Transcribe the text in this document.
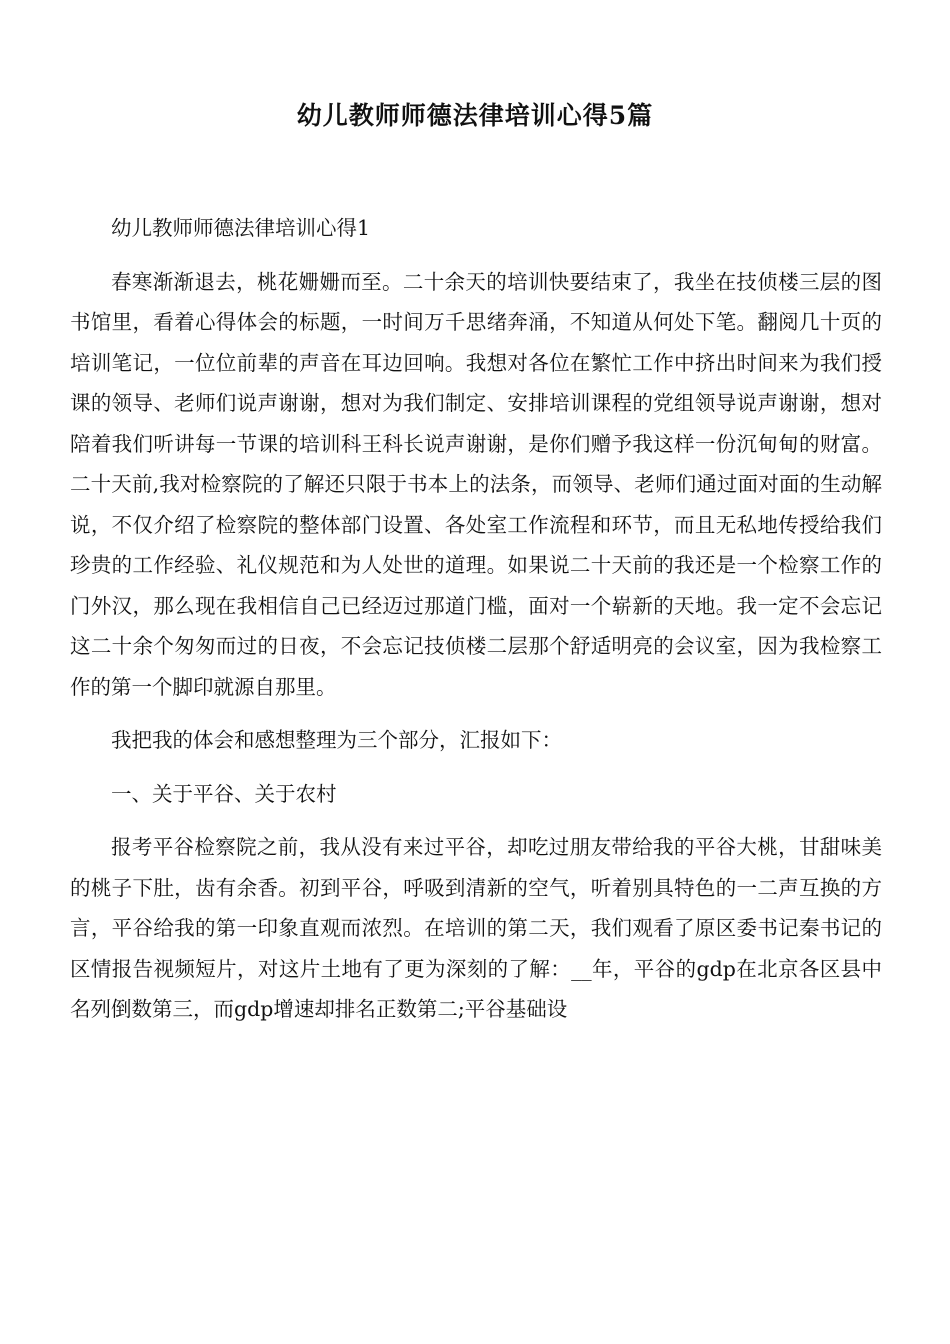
幼儿教师师德法律培训心得5篇

幼儿教师师德法律培训心得1

春寒渐渐退去，桃花姗姗而至。二十余天的培训快要结束了，我坐在技侦楼三层的图书馆里，看着心得体会的标题，一时间万千思绪奔涌，不知道从何处下笔。翻阅几十页的培训笔记，一位位前辈的声音在耳边回响。我想对各位在繁忙工作中挤出时间来为我们授课的领导、老师们说声谢谢，想对为我们制定、安排培训课程的党组领导说声谢谢，想对陪着我们听讲每一节课的培训科王科长说声谢谢，是你们赠予我这样一份沉甸甸的财富。二十天前,我对检察院的了解还只限于书本上的法条，而领导、老师们通过面对面的生动解说，不仅介绍了检察院的整体部门设置、各处室工作流程和环节，而且无私地传授给我们珍贵的工作经验、礼仪规范和为人处世的道理。如果说二十天前的我还是一个检察工作的门外汉，那么现在我相信自己已经迈过那道门槛，面对一个崭新的天地。我一定不会忘记这二十余个匆匆而过的日夜，不会忘记技侦楼二层那个舒适明亮的会议室，因为我检察工作的第一个脚印就源自那里。

我把我的体会和感想整理为三个部分，汇报如下：

一、关于平谷、关于农村

报考平谷检察院之前，我从没有来过平谷，却吃过朋友带给我的平谷大桃，甘甜味美的桃子下肚，齿有余香。初到平谷，呼吸到清新的空气，听着别具特色的一二声互换的方言，平谷给我的第一印象直观而浓烈。在培训的第二天，我们观看了原区委书记秦书记的区情报告视频短片，对这片土地有了更为深刻的了解：__年，平谷的gdp在北京各区县中名列倒数第三，而gdp增速却排名正数第二;平谷基础设
